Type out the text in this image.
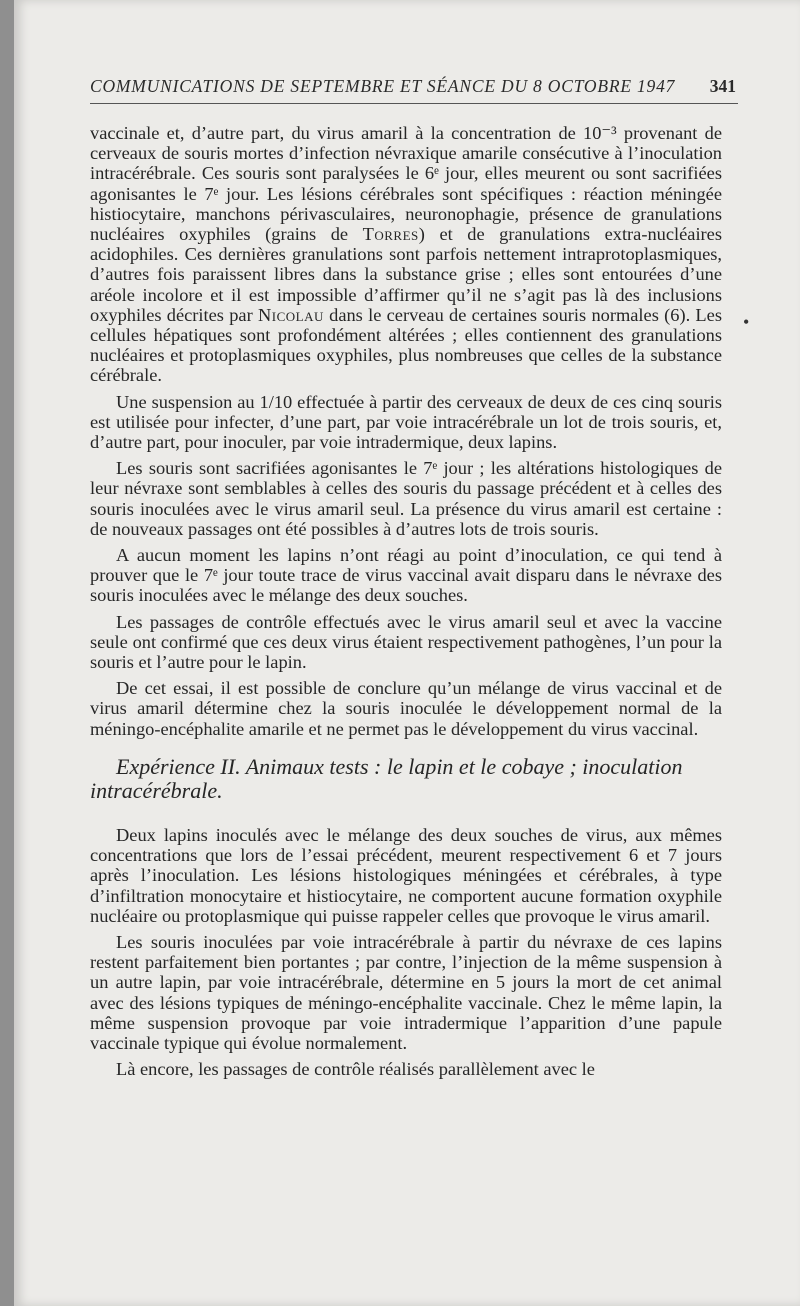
COMMUNICATIONS DE SEPTEMBRE ET SÉANCE DU 8 OCTOBRE 1947 341
•

vaccinale et, d’autre part, du virus amaril à la concentration de 10⁻³ provenant de cerveaux de souris mortes d’infection névraxique amarile consécutive à l’inoculation intracérébrale. Ces souris sont paralysées le 6ᵉ jour, elles meurent ou sont sacrifiées agonisantes le 7ᵉ jour. Les lésions cérébrales sont spécifiques : réaction méningée histiocytaire, manchons périvasculaires, neuronophagie, présence de granulations nucléaires oxyphiles (grains de Torres) et de granulations extra-nucléaires acidophiles. Ces dernières granulations sont parfois nettement intraprotoplasmiques, d’autres fois paraissent libres dans la substance grise ; elles sont entourées d’une aréole incolore et il est impossible d’affirmer qu’il ne s’agit pas là des inclusions oxyphiles décrites par Nicolau dans le cerveau de certaines souris normales (6). Les cellules hépatiques sont profondément altérées ; elles contiennent des granulations nucléaires et protoplasmiques oxyphiles, plus nombreuses que celles de la substance cérébrale.

Une suspension au 1/10 effectuée à partir des cerveaux de deux de ces cinq souris est utilisée pour infecter, d’une part, par voie intracérébrale un lot de trois souris, et, d’autre part, pour inoculer, par voie intradermique, deux lapins.

Les souris sont sacrifiées agonisantes le 7ᵉ jour ; les altérations histologiques de leur névraxe sont semblables à celles des souris du passage précédent et à celles des souris inoculées avec le virus amaril seul. La présence du virus amaril est certaine : de nouveaux passages ont été possibles à d’autres lots de trois souris.

A aucun moment les lapins n’ont réagi au point d’inoculation, ce qui tend à prouver que le 7ᵉ jour toute trace de virus vaccinal avait disparu dans le névraxe des souris inoculées avec le mélange des deux souches.

Les passages de contrôle effectués avec le virus amaril seul et avec la vaccine seule ont confirmé que ces deux virus étaient respectivement pathogènes, l’un pour la souris et l’autre pour le lapin.

De cet essai, il est possible de conclure qu’un mélange de virus vaccinal et de virus amaril détermine chez la souris inoculée le développement normal de la méningo-encéphalite amarile et ne permet pas le développement du virus vaccinal.

Expérience II. Animaux tests : le lapin et le cobaye ; inoculation intracérébrale.

Deux lapins inoculés avec le mélange des deux souches de virus, aux mêmes concentrations que lors de l’essai précédent, meurent respectivement 6 et 7 jours après l’inoculation. Les lésions histologiques méningées et cérébrales, à type d’infiltration monocytaire et histiocytaire, ne comportent aucune formation oxyphile nucléaire ou protoplasmique qui puisse rappeler celles que provoque le virus amaril.

Les souris inoculées par voie intracérébrale à partir du névraxe de ces lapins restent parfaitement bien portantes ; par contre, l’injection de la même suspension à un autre lapin, par voie intracérébrale, détermine en 5 jours la mort de cet animal avec des lésions typiques de méningo-encéphalite vaccinale. Chez le même lapin, la même suspension provoque par voie intradermique l’apparition d’une papule vaccinale typique qui évolue normalement.

Là encore, les passages de contrôle réalisés parallèlement avec le
